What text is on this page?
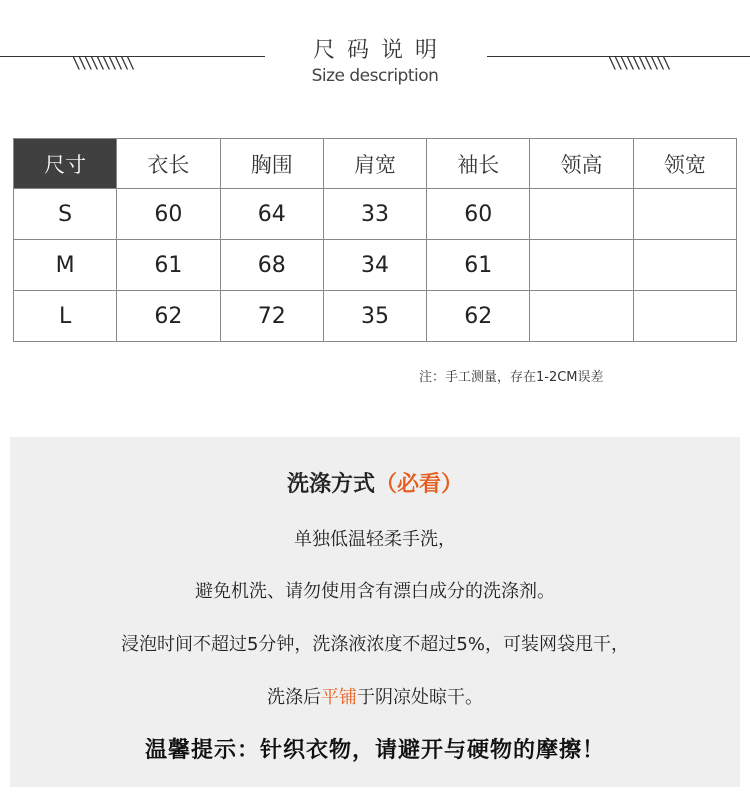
\\\\\\\\\\	尺码说明
Size description
\\\\\\\\\\
尺寸	衣长	胸围	肩宽	袖长	领高	领宽
S	60	64	33	60		
M	61	68	34	61		
L	62	72	35	62		
注：手工测量，存在1-2CM误差
洗涤方式（必看）
单独低温轻柔手洗，
避免机洗、请勿使用含有漂白成分的洗涤剂。
浸泡时间不超过5分钟，洗涤液浓度不超过5%，可装网袋甩干，
洗涤后平铺于阴凉处晾干。
温馨提示：针织衣物，请避开与硬物的摩擦！
